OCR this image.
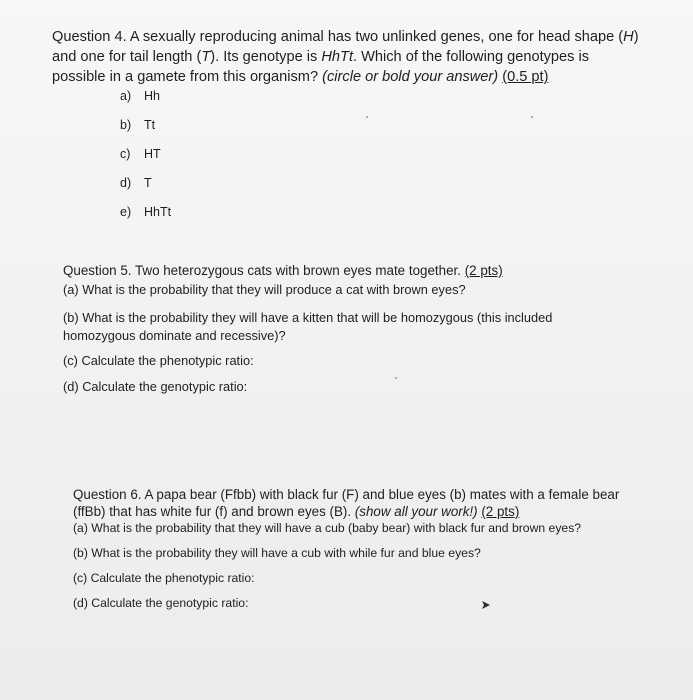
Question 4. A sexually reproducing animal has two unlinked genes, one for head shape (H) and one for tail length (T). Its genotype is HhTt. Which of the following genotypes is possible in a gamete from this organism? (circle or bold your answer) (0.5 pt)

a) Hh
b) Tt
c) HT
d) T
e) HhTt
Question 5. Two heterozygous cats with brown eyes mate together. (2 pts)
(a) What is the probability that they will produce a cat with brown eyes?
(b) What is the probability they will have a kitten that will be homozygous (this included homozygous dominate and recessive)?
(c) Calculate the phenotypic ratio:
(d) Calculate the genotypic ratio:
Question 6. A papa bear (Ffbb) with black fur (F) and blue eyes (b) mates with a female bear
(ffBb) that has white fur (f) and brown eyes (B). (show all your work!) (2 pts)
(a) What is the probability that they will have a cub (baby bear) with black fur and brown eyes?
(b) What is the probability they will have a cub with while fur and blue eyes?
(c) Calculate the phenotypic ratio:
(d) Calculate the genotypic ratio:
